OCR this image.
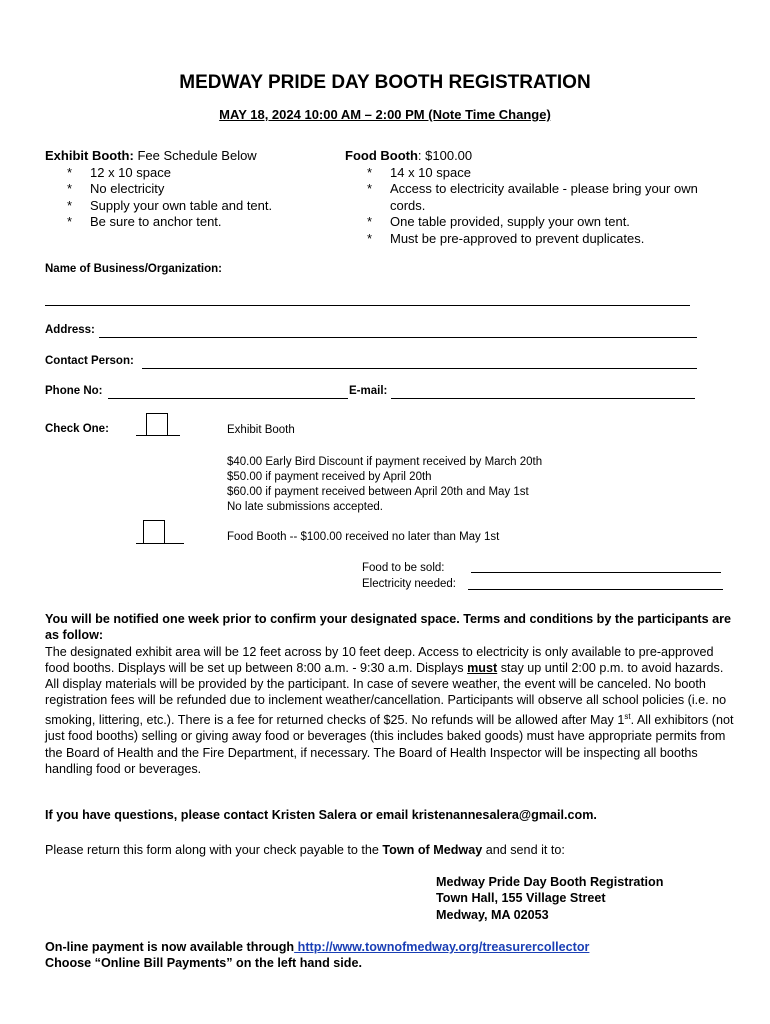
MEDWAY PRIDE DAY BOOTH REGISTRATION
MAY 18, 2024 10:00 AM – 2:00 PM (Note Time Change)
Exhibit Booth: Fee Schedule Below
* 12 x 10 space
* No electricity
* Supply your own table and tent.
* Be sure to anchor tent.
Food Booth: $100.00
* 14 x 10 space
* Access to electricity available - please bring your own cords.
* One table provided, supply your own tent.
* Must be pre-approved to prevent duplicates.
Name of Business/Organization:
Address:
Contact Person:
Phone No:	E-mail:
Check One:	Exhibit Booth
$40.00 Early Bird Discount if payment received by March 20th
$50.00 if payment received by April 20th
$60.00 if payment received between April 20th and May 1st
No late submissions accepted.
Food Booth -- $100.00 received no later than May 1st
Food to be sold:
Electricity needed:
You will be notified one week prior to confirm your designated space. Terms and conditions by the participants are as follow:
The designated exhibit area will be 12 feet across by 10 feet deep. Access to electricity is only available to pre-approved food booths. Displays will be set up between 8:00 a.m. - 9:30 a.m. Displays must stay up until 2:00 p.m. to avoid hazards. All display materials will be provided by the participant. In case of severe weather, the event will be canceled. No booth registration fees will be refunded due to inclement weather/cancellation. Participants will observe all school policies (i.e. no smoking, littering, etc.). There is a fee for returned checks of $25. No refunds will be allowed after May 1st. All exhibitors (not just food booths) selling or giving away food or beverages (this includes baked goods) must have appropriate permits from the Board of Health and the Fire Department, if necessary. The Board of Health Inspector will be inspecting all booths handling food or beverages.
If you have questions, please contact Kristen Salera or email kristenannesalera@gmail.com.
Please return this form along with your check payable to the Town of Medway and send it to:
Medway Pride Day Booth Registration
Town Hall, 155 Village Street
Medway, MA 02053
On-line payment is now available through http://www.townofmedway.org/treasurercollector
Choose “Online Bill Payments” on the left hand side.
